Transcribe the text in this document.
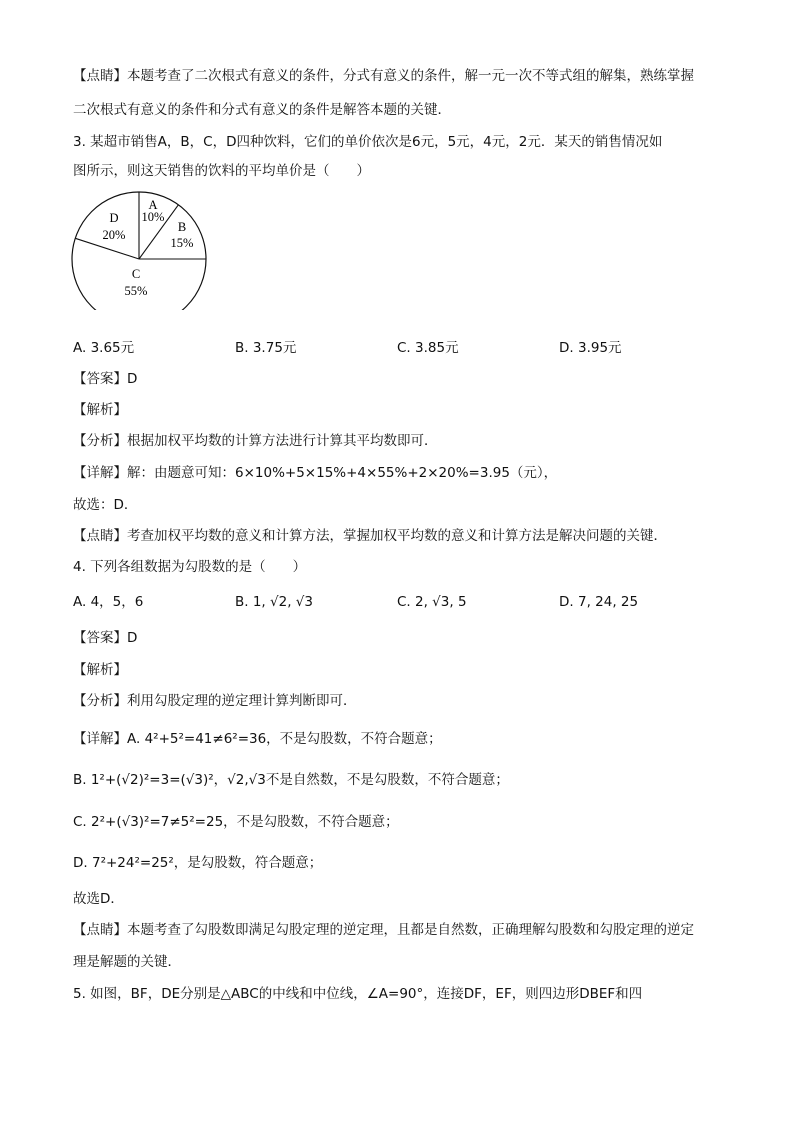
【点睛】本题考查了二次根式有意义的条件，分式有意义的条件，解一元一次不等式组的解集，熟练掌握
二次根式有意义的条件和分式有意义的条件是解答本题的关键．
3. 某超市销售A，B，C，D四种饮料，它们的单价依次是6元，5元，4元，2元．某天的销售情况如
图所示，则这天销售的饮料的平均单价是（　　）
A
10%
B
15%
D
20%
C
55%
A. 3.65元	B. 3.75元	C. 3.85元	D. 3.95元
【答案】D
【解析】
【分析】根据加权平均数的计算方法进行计算其平均数即可．
【详解】解：由题意可知：6×10%+5×15%+4×55%+2×20%=3.95（元），
故选：D．
【点睛】考查加权平均数的意义和计算方法，掌握加权平均数的意义和计算方法是解决问题的关键．
4. 下列各组数据为勾股数的是（　　）
A. 4，5，6	B. 1, √2, √3	C. 2, √3, 5	D. 7, 24, 25
【答案】D
【解析】
【分析】利用勾股定理的逆定理计算判断即可．
【详解】A. 4²+5²=41≠6²=36，不是勾股数，不符合题意；
B. 1²+(√2)²=3=(√3)²，√2,√3不是自然数，不是勾股数，不符合题意；
C. 2²+(√3)²=7≠5²=25，不是勾股数，不符合题意；
D. 7²+24²=25²，是勾股数，符合题意；
故选D．
【点睛】本题考查了勾股数即满足勾股定理的逆定理，且都是自然数，正确理解勾股数和勾股定理的逆定
理是解题的关键．
5. 如图，BF，DE分别是△ABC的中线和中位线，∠A=90°，连接DF，EF，则四边形DBEF和四
